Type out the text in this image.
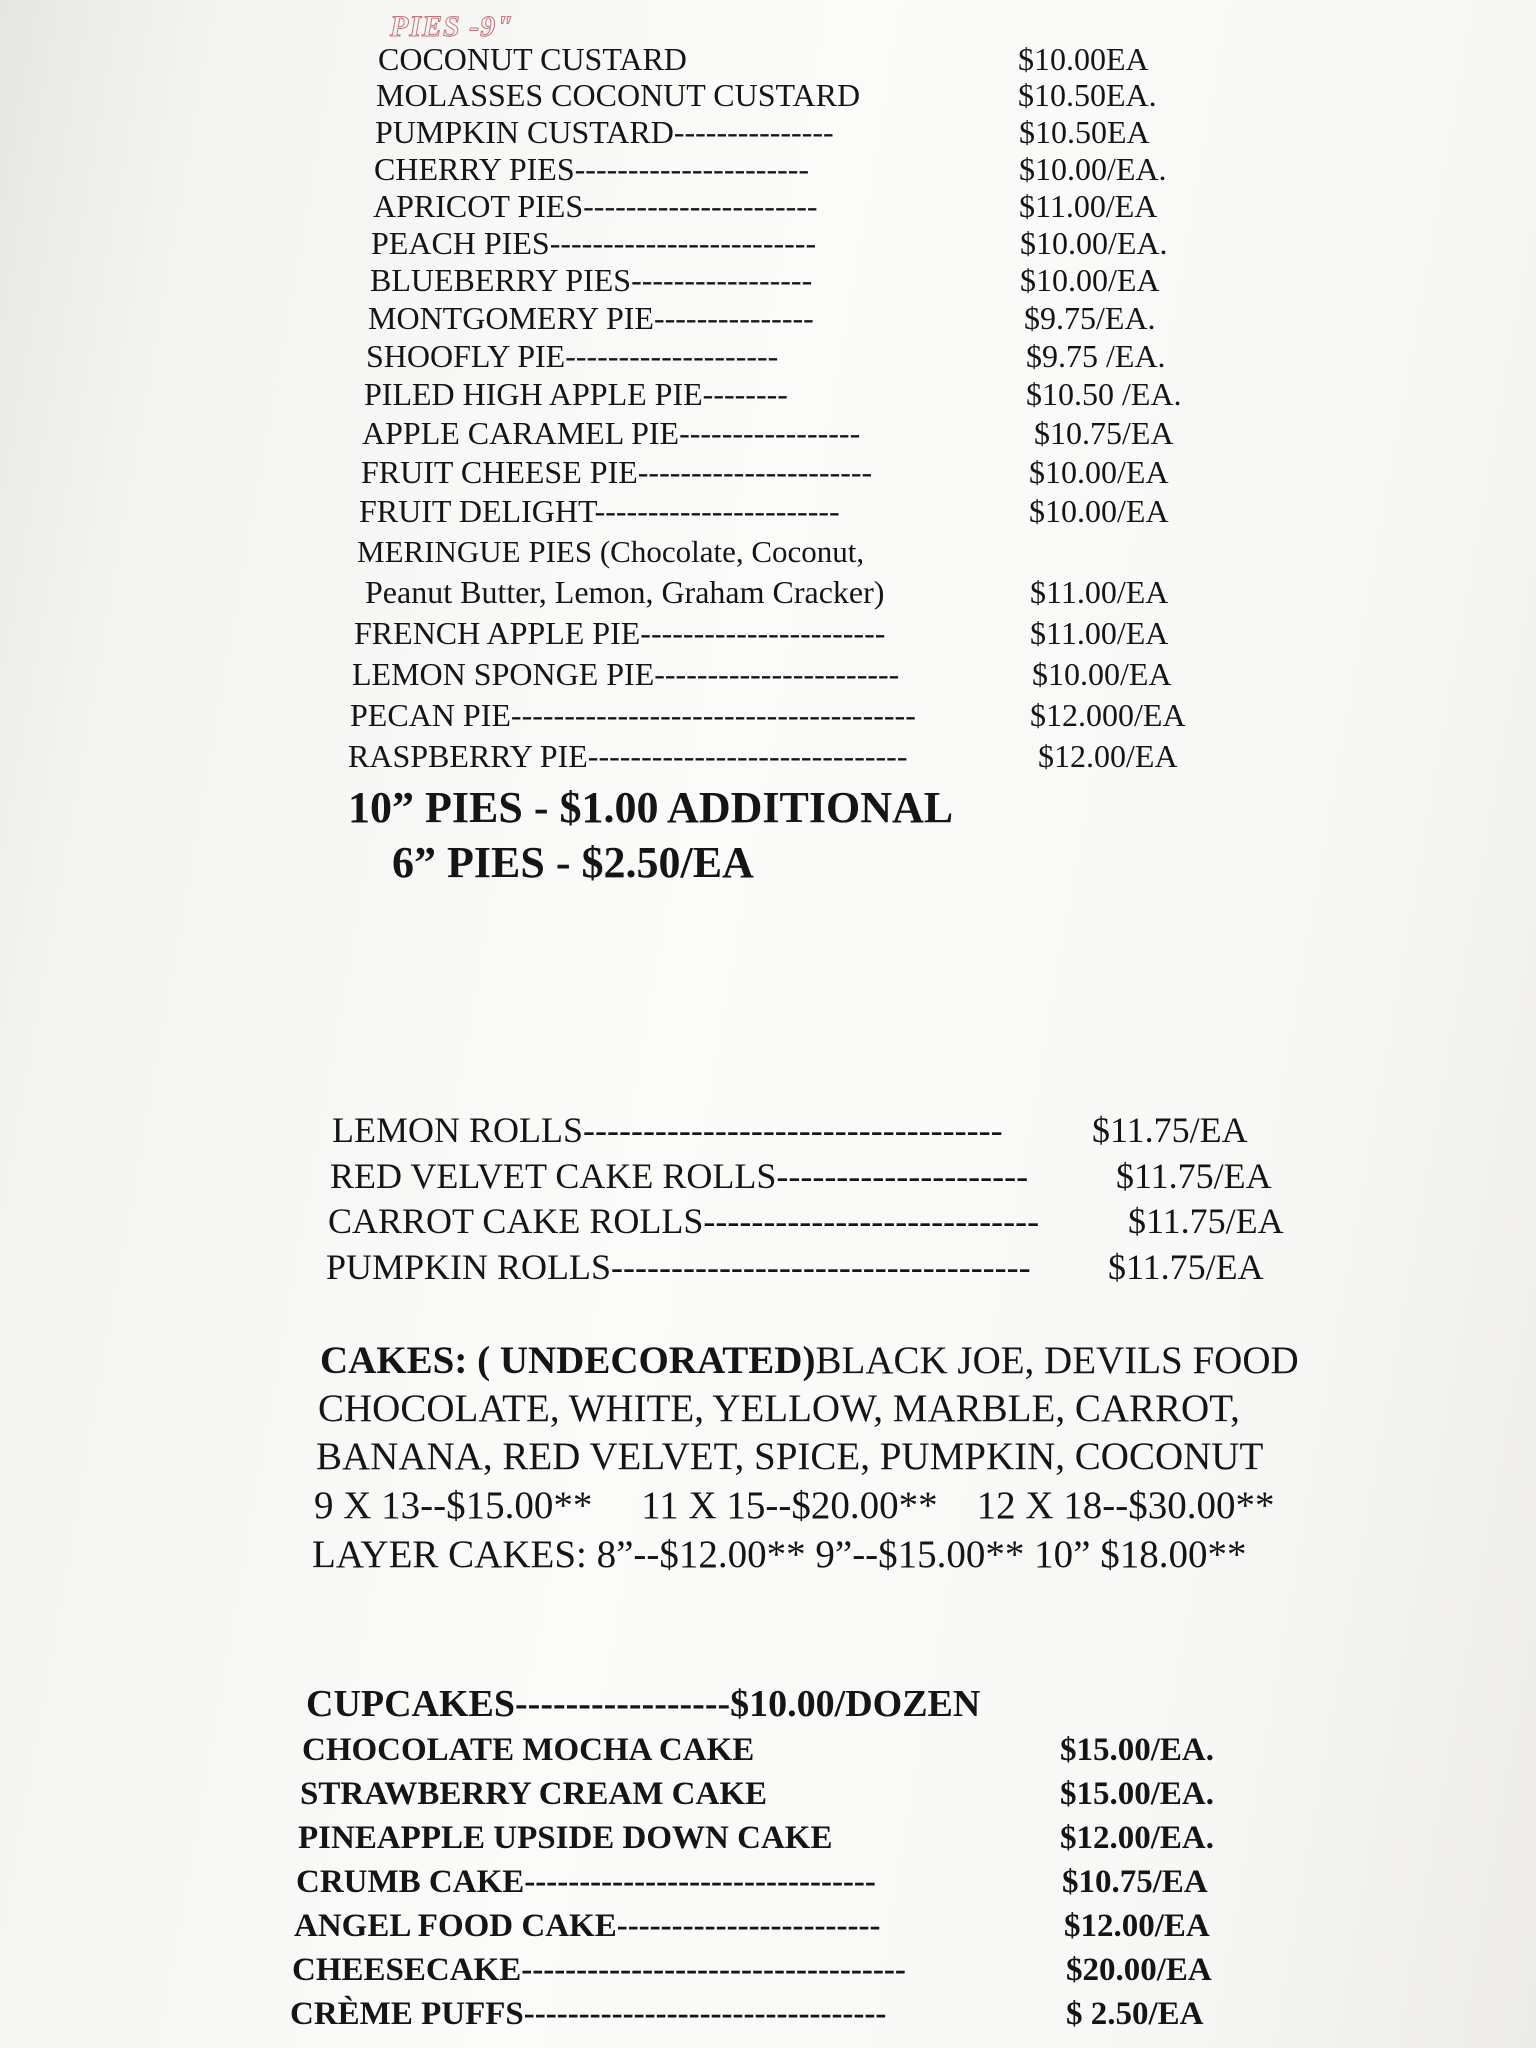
PIES -9"
COCONUT CUSTARD	$10.00EA
MOLASSES COCONUT CUSTARD	$10.50EA.
PUMPKIN CUSTARD---------------	$10.50EA
CHERRY PIES----------------------	$10.00/EA.
APRICOT PIES----------------------	$11.00/EA
PEACH PIES-------------------------	$10.00/EA.
BLUEBERRY PIES-----------------	$10.00/EA
MONTGOMERY PIE---------------	$9.75/EA.
SHOOFLY PIE--------------------	$9.75 /EA.
PILED HIGH APPLE PIE--------	$10.50 /EA.
APPLE CARAMEL PIE-----------------	$10.75/EA
FRUIT CHEESE PIE----------------------	$10.00/EA
FRUIT DELIGHT-----------------------	$10.00/EA
MERINGUE PIES (Chocolate, Coconut,
Peanut Butter, Lemon, Graham Cracker)	$11.00/EA
FRENCH APPLE PIE-----------------------	$11.00/EA
LEMON SPONGE PIE-----------------------	$10.00/EA
PECAN PIE--------------------------------------	$12.000/EA
RASPBERRY PIE------------------------------	$12.00/EA
10” PIES - $1.00 ADDITIONAL
6” PIES - $2.50/EA
LEMON ROLLS----------------------------------- $11.75/EA
RED VELVET CAKE ROLLS--------------------- $11.75/EA
CARROT CAKE ROLLS---------------------------- $11.75/EA
PUMPKIN ROLLS----------------------------------- $11.75/EA

CAKES: ( UNDECORATED)BLACK JOE, DEVILS FOOD

CHOCOLATE, WHITE, YELLOW, MARBLE, CARROT,

BANANA, RED VELVET, SPICE, PUMPKIN, COCONUT

9 X 13--$15.00**     11 X 15--$20.00**    12 X 18--$30.00**

LAYER CAKES: 8”--$12.00** 9”--$15.00** 10” $18.00**

CUPCAKES-----------------$10.00/DOZEN
CHOCOLATE MOCHA CAKE	$15.00/EA.
STRAWBERRY CREAM CAKE	$15.00/EA.
PINEAPPLE UPSIDE DOWN CAKE	$12.00/EA.
CRUMB CAKE--------------------------------	$10.75/EA
ANGEL FOOD CAKE------------------------	$12.00/EA
CHEESECAKE-----------------------------------	$20.00/EA
CRÈME PUFFS---------------------------------	$ 2.50/EA
